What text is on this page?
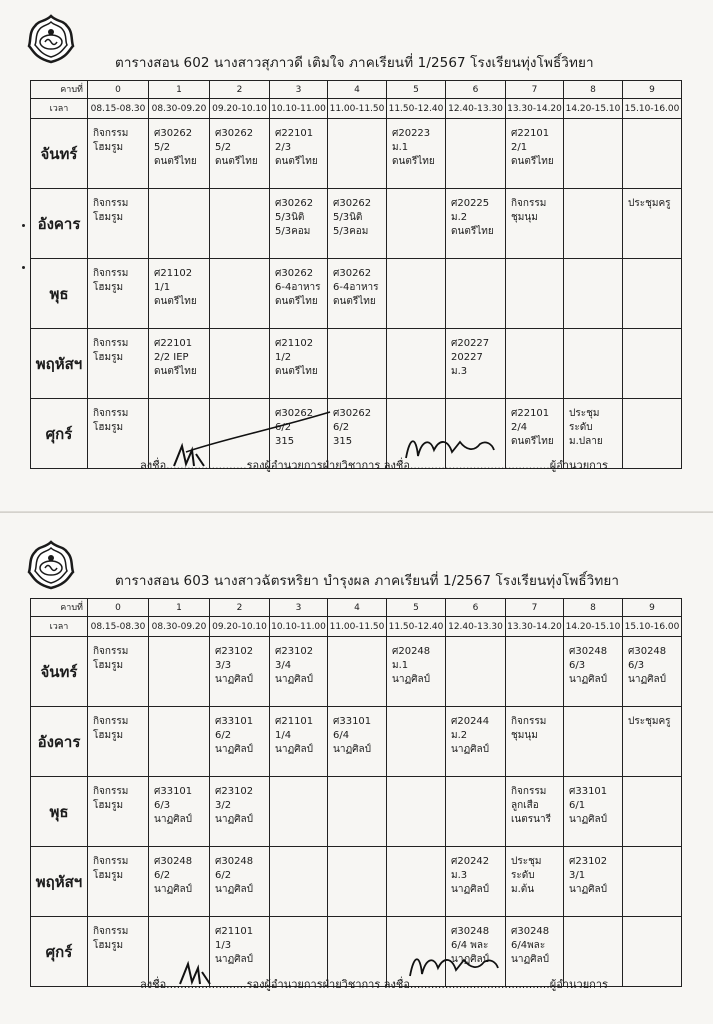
ตารางสอน 602 นางสาวสุภาวดี เติมใจ ภาคเรียนที่ 1/2567 โรงเรียนทุ่งโพธิ์วิทยา
คาบที่	0	1	2	3	4	5	6	7	8	9
เวลา	08.15-08.30	08.30-09.20	09.20-10.10	10.10-11.00	11.00-11.50	11.50-12.40	12.40-13.30	13.30-14.20	14.20-15.10	15.10-16.00
จันทร์	กิจกรรม
โฮมรูม	ศ30262
5/2
ดนตรีไทย	ศ30262
5/2
ดนตรีไทย	ศ22101
2/3
ดนตรีไทย		ศ20223
ม.1
ดนตรีไทย		ศ22101
2/1
ดนตรีไทย		

อังคาร	กิจกรรม
โฮมรูม			ศ30262
5/3นิติ
5/3คอม	ศ30262
5/3นิติ
5/3คอม		ศ20225
ม.2
ดนตรีไทย	กิจกรรม
ชุมนุม		ประชุมครู

พุธ	กิจกรรม
โฮมรูม	ศ21102
1/1
ดนตรีไทย		ศ30262
6-4อาหาร
ดนตรีไทย	ศ30262
6-4อาหาร
ดนตรีไทย					

พฤหัสฯ	กิจกรรม
โฮมรูม	ศ22101
2/2 IEP
ดนตรีไทย		ศ21102
1/2
ดนตรีไทย			ศ20227
20227
ม.3			

ศุกร์	กิจกรรม
โฮมรูม			ศ30262
6/2
315	ศ30262
6/2
315			ศ22101
2/4
ดนตรีไทย	ประชุม
ระดับ
ม.ปลาย	

ลงชื่อ.......................รองผู้อำนวยการฝ่ายวิชาการ ลงชื่อ........................................ผู้อำนวยการ
ตารางสอน 603 นางสาวฉัตรหริยา บำรุงผล ภาคเรียนที่ 1/2567 โรงเรียนทุ่งโพธิ์วิทยา
คาบที่	0	1	2	3	4	5	6	7	8	9
เวลา	08.15-08.30	08.30-09.20	09.20-10.10	10.10-11.00	11.00-11.50	11.50-12.40	12.40-13.30	13.30-14.20	14.20-15.10	15.10-16.00
จันทร์	กิจกรรม
โฮมรูม		ศ23102
3/3
นาฏศิลป์	ศ23102
3/4
นาฏศิลป์		ศ20248
ม.1
นาฏศิลป์			ศ30248
6/3
นาฏศิลป์	ศ30248
6/3
นาฏศิลป์

อังคาร	กิจกรรม
โฮมรูม		ศ33101
6/2
นาฏศิลป์	ศ21101
1/4
นาฏศิลป์	ศ33101
6/4
นาฏศิลป์		ศ20244
ม.2
นาฏศิลป์	กิจกรรม
ชุมนุม		ประชุมครู

พุธ	กิจกรรม
โฮมรูม	ศ33101
6/3
นาฏศิลป์	ศ23102
3/2
นาฏศิลป์					กิจกรรม
ลูกเสือ
เนตรนารี	ศ33101
6/1
นาฏศิลป์	

พฤหัสฯ	กิจกรรม
โฮมรูม	ศ30248
6/2
นาฏศิลป์	ศ30248
6/2
นาฏศิลป์				ศ20242
ม.3
นาฏศิลป์	ประชุม
ระดับ
ม.ต้น	ศ23102
3/1
นาฏศิลป์	

ศุกร์	กิจกรรม
โฮมรูม		ศ21101
1/3
นาฏศิลป์				ศ30248
6/4 พละ
นาฏศิลป์	ศ30248
6/4พละ
นาฏศิลป์		

ลงชื่อ.......................รองผู้อำนวยการฝ่ายวิชาการ ลงชื่อ........................................ผู้อำนวยการ
